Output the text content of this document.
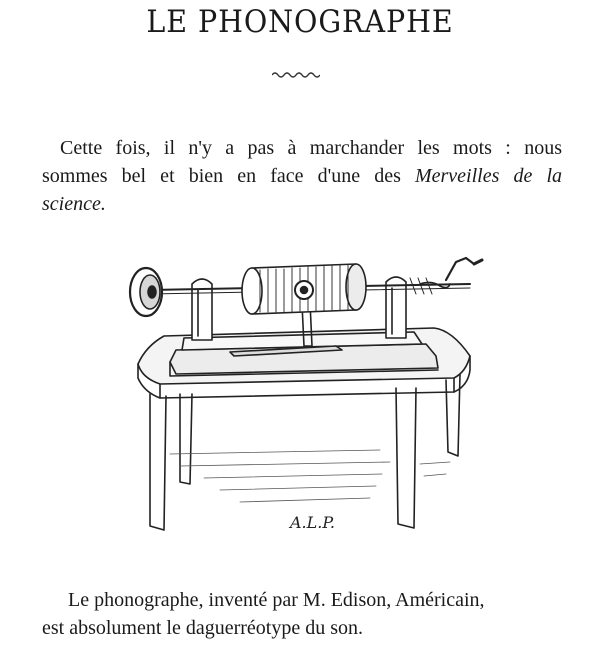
LE PHONOGRAPHE

Cette fois, il n'y a pas à marchander les mots : nous
sommes bel et bien en face d'une des Merveilles de la
science.

A.L.P.

Le phonographe, inventé par M. Edison, Américain,
est absolument le daguerréotype du son.
